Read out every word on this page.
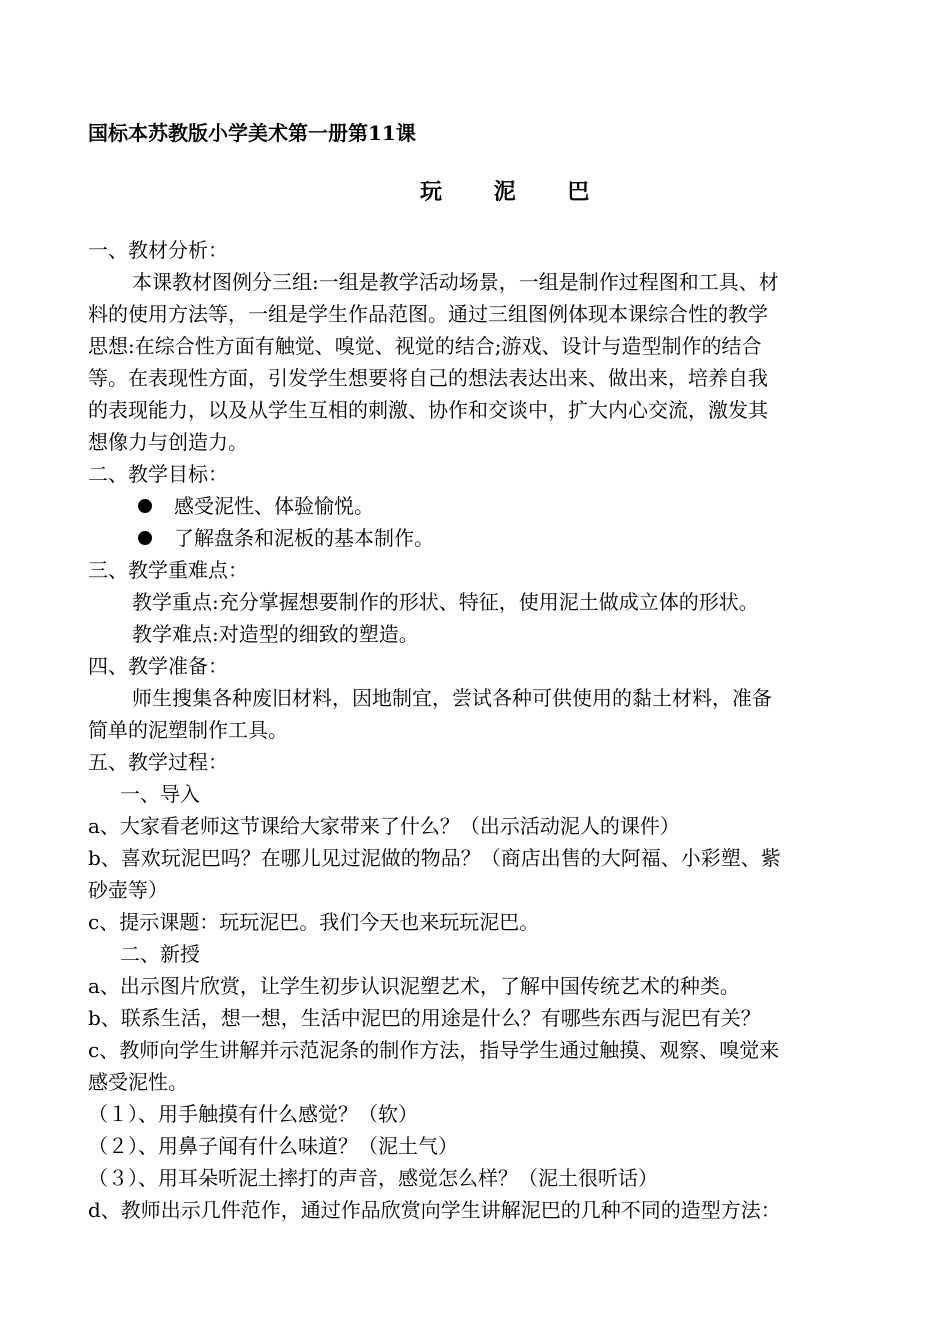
国标本苏教版小学美术第一册第11课
玩 泥 巴
一、教材分析：
本课教材图例分三组:一组是教学活动场景，一组是制作过程图和工具、材
料的使用方法等，一组是学生作品范图。通过三组图例体现本课综合性的教学
思想:在综合性方面有触觉、嗅觉、视觉的结合;游戏、设计与造型制作的结合
等。在表现性方面，引发学生想要将自己的想法表达出来、做出来，培养自我
的表现能力，以及从学生互相的刺激、协作和交谈中，扩大内心交流，激发其
想像力与创造力。
二、教学目标：
感受泥性、体验愉悦。
了解盘条和泥板的基本制作。
三、教学重难点：
教学重点:充分掌握想要制作的形状、特征，使用泥土做成立体的形状。
教学难点:对造型的细致的塑造。
四、教学准备：
师生搜集各种废旧材料，因地制宜，尝试各种可供使用的黏土材料，准备
简单的泥塑制作工具。
五、教学过程：
一、导入
a、大家看老师这节课给大家带来了什么？（出示活动泥人的课件）
b、喜欢玩泥巴吗？在哪儿见过泥做的物品？（商店出售的大阿福、小彩塑、紫
砂壶等）
c、提示课题：玩玩泥巴。我们今天也来玩玩泥巴。
二、新授
a、出示图片欣赏，让学生初步认识泥塑艺术，了解中国传统艺术的种类。
b、联系生活，想一想，生活中泥巴的用途是什么？有哪些东西与泥巴有关？
c、教师向学生讲解并示范泥条的制作方法，指导学生通过触摸、观察、嗅觉来
感受泥性。
（１）、用手触摸有什么感觉？（软）
（２）、用鼻子闻有什么味道？（泥土气）
（３）、用耳朵听泥土摔打的声音，感觉怎么样？（泥土很听话）
d、教师出示几件范作，通过作品欣赏向学生讲解泥巴的几种不同的造型方法：
